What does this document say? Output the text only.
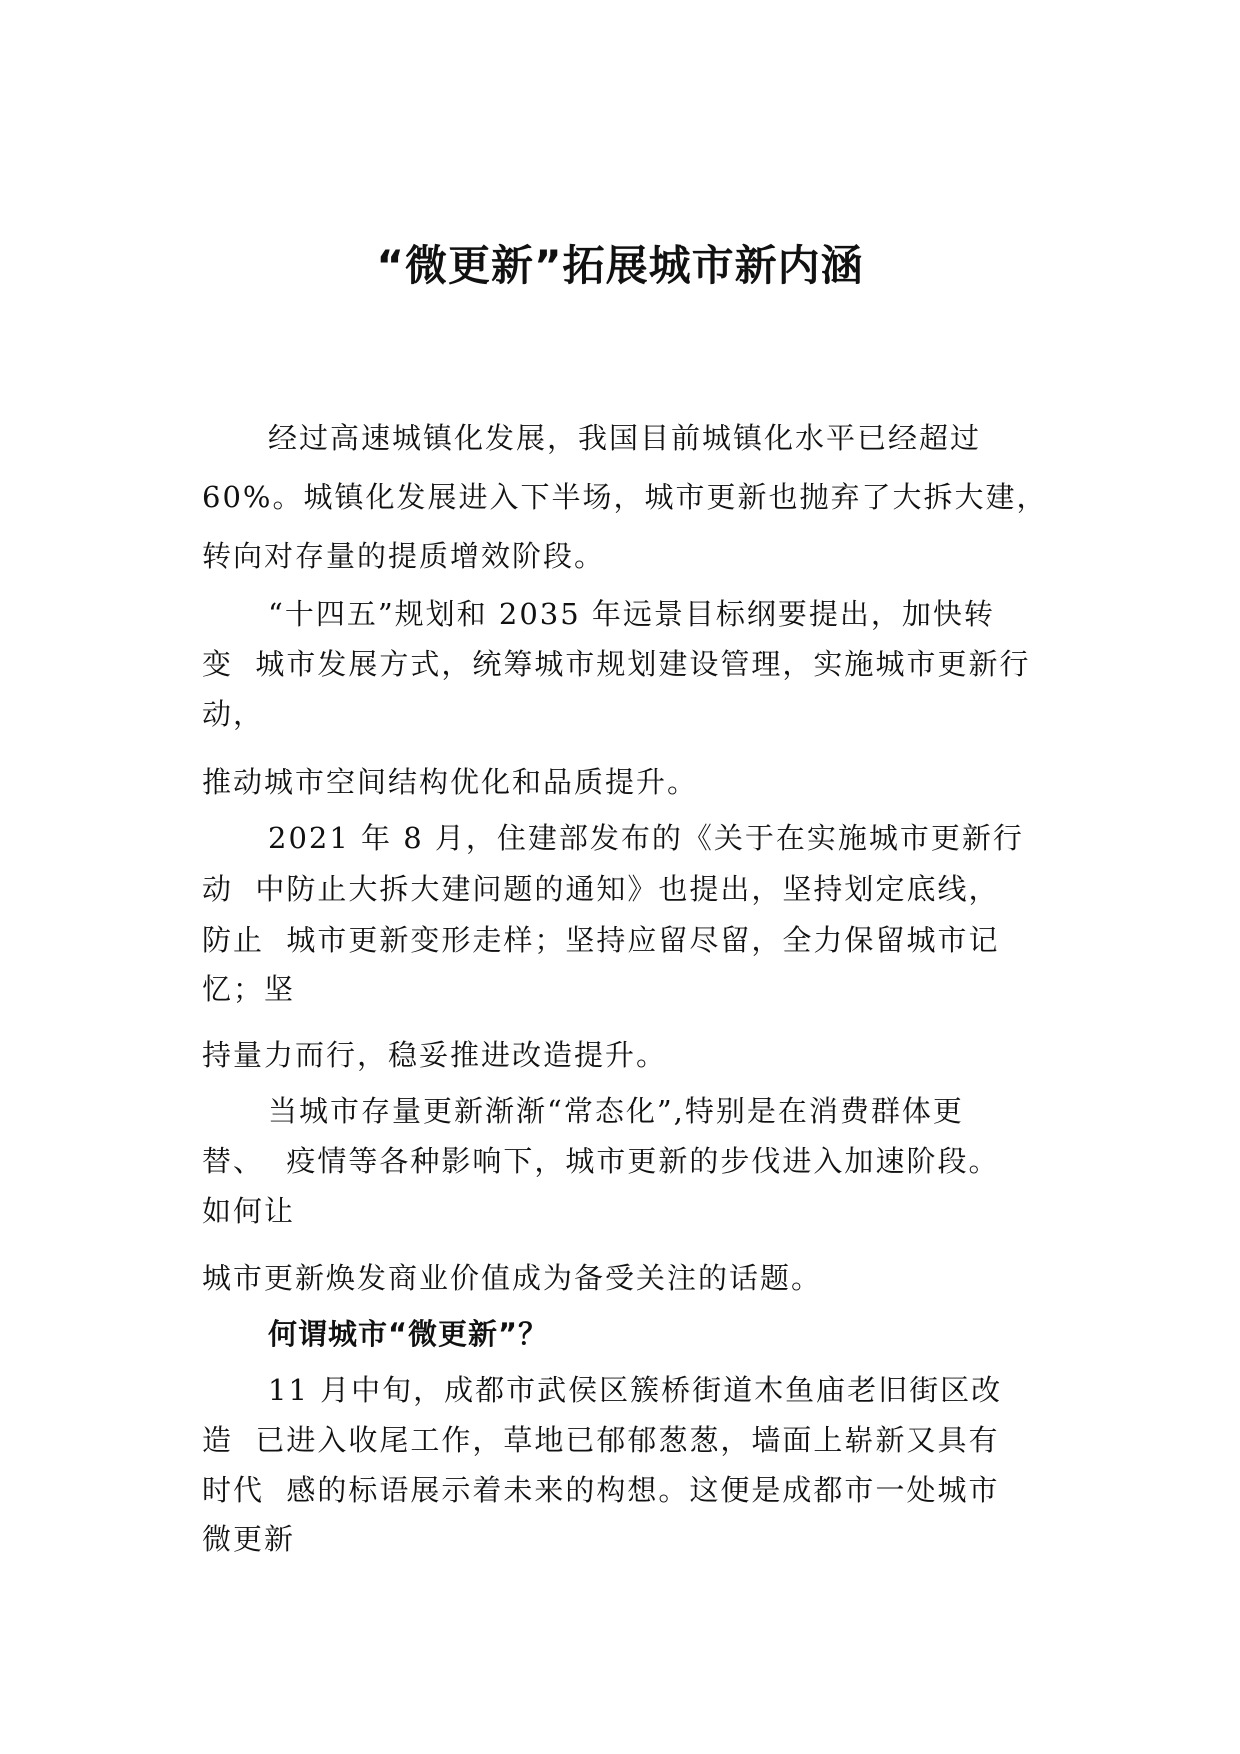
“微更新”拓展城市新内涵
经过高速城镇化发展，我国目前城镇化水平已经超过
60%。城镇化发展进入下半场，城市更新也抛弃了大拆大建，
转向对存量的提质增效阶段。
“十四五”规划和 2035 年远景目标纲要提出，加快转
变  城市发展方式，统筹城市规划建设管理，实施城市更新行
动，
推动城市空间结构优化和品质提升。
2021 年 8 月，住建部发布的《关于在实施城市更新行
动  中防止大拆大建问题的通知》也提出，坚持划定底线，
防止  城市更新变形走样；坚持应留尽留，全力保留城市记
忆；坚
持量力而行，稳妥推进改造提升。
当城市存量更新渐渐“常态化”,特别是在消费群体更
替、  疫情等各种影响下，城市更新的步伐进入加速阶段。
如何让
城市更新焕发商业价值成为备受关注的话题。
何谓城市“微更新”？
11 月中旬，成都市武侯区簇桥街道木鱼庙老旧街区改
造  已进入收尾工作，草地已郁郁葱葱，墙面上崭新又具有
时代  感的标语展示着未来的构想。这便是成都市一处城市
微更新
